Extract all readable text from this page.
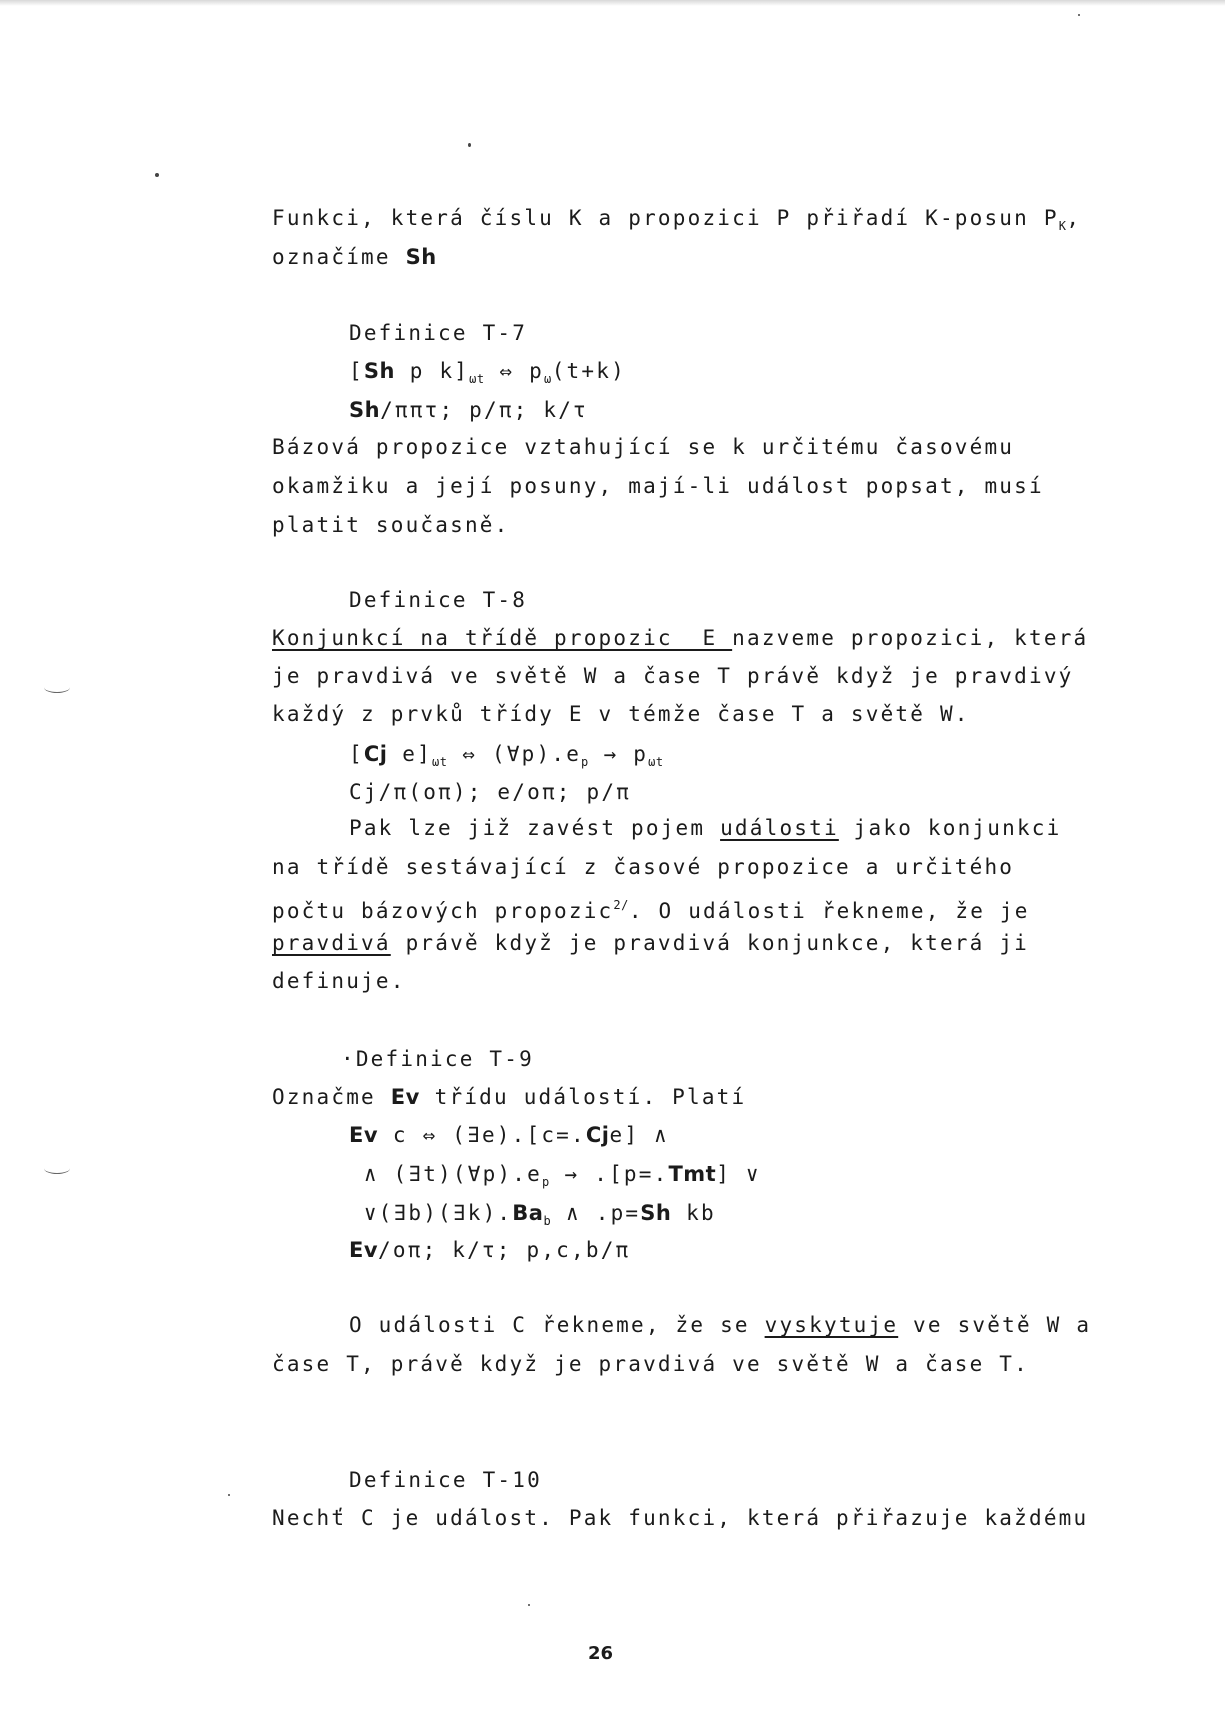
Funkci, která číslu K a propozici P přiřadí K-posun $P_K$,
označíme Sh
Definice T-7
[Sh p $k]_{\omega t}$ ⇔ $p_\omega(t+k)$
Sh/ππτ; p/π; k/τ
Bázová propozice vztahující se k určitému časovému
okamžiku a její posuny, mají-li událost popsat, musí
platit současně.
Definice T-8
Konjunkcí na třídě propozic  E nazveme propozici, která
je pravdivá ve světě W a čase T právě když je pravdivý
každý z prvků třídy E v témže čase T a světě W.
[Cj $e]_{\omega t}$ ⇔ $(\forall p).e_p \to p_{\omega t}$
Cj/π(oπ); e/oπ; p/π
Pak lze již zavést pojem události jako konjunkci
na třídě sestávající z časové propozice a určitého
počtu bázových propozic$^{2/}$. O události řekneme, že je
pravdivá právě když je pravdivá konjunkce, která ji
definuje.
·Definice T-9
Označme Ev třídu událostí. Platí
Ev c ⇔ (∃e).[c=.Cje] ∧
∧ $(\exists t)(\forall p).e_p \to .[p=.Tmt]$ ∨
$\vee(\exists b)(\exists k).Ba_b$ ∧ .p=Sh kb
Ev/oπ; k/τ; p,c,b/π
O události C řekneme, že se vyskytuje ve světě W a
čase T, právě když je pravdivá ve světě W a čase T.
Definice T-10
Nechť C je událost. Pak funkci, která přiřazuje každému
26
